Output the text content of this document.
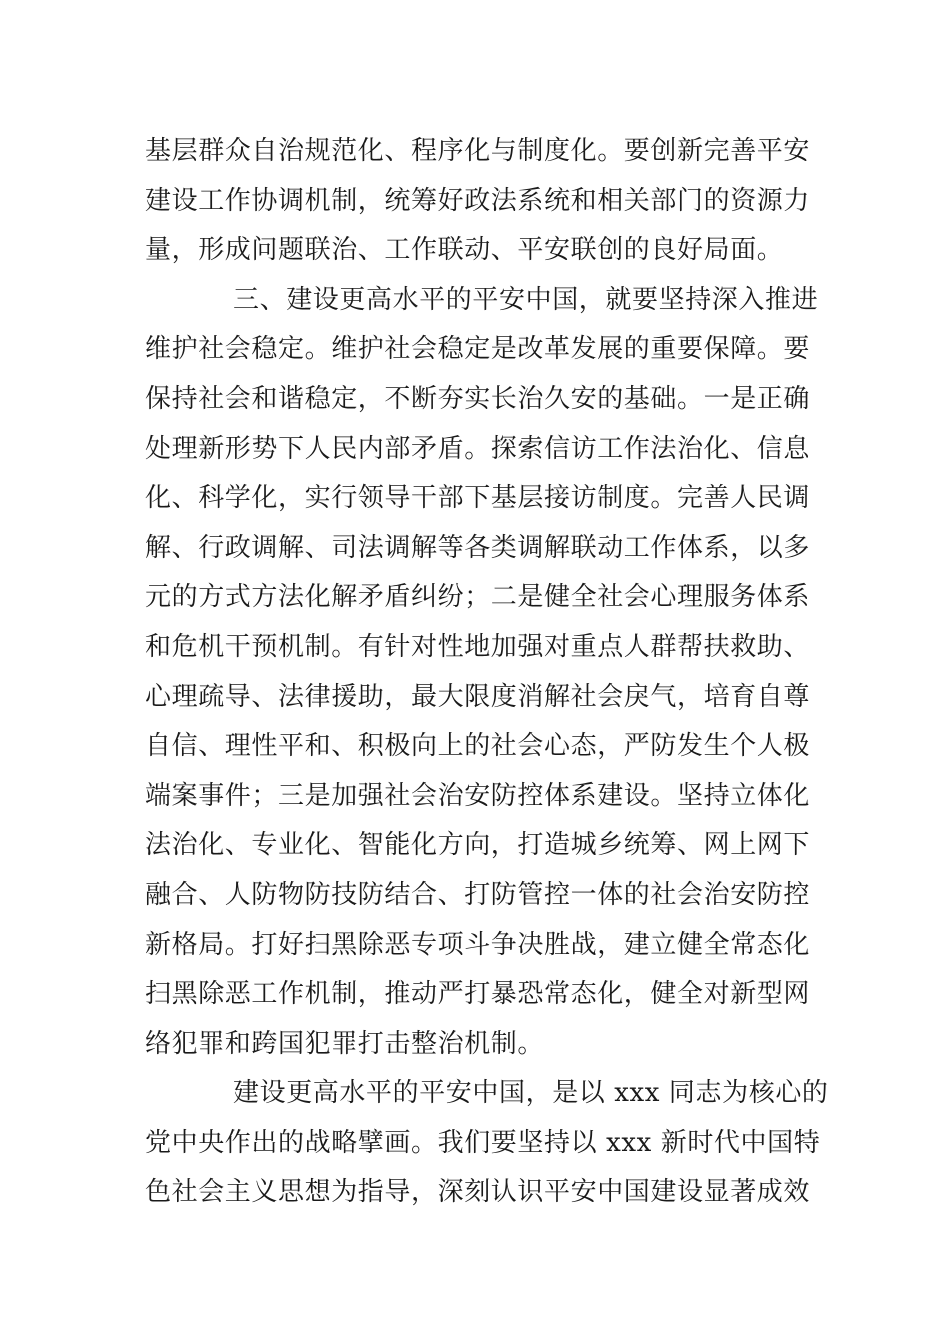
基层群众自治规范化、程序化与制度化。要创新完善平安
建设工作协调机制，统筹好政法系统和相关部门的资源力
量，形成问题联治、工作联动、平安联创的良好局面。

三、建设更高水平的平安中国，就要坚持深入推进
维护社会稳定。维护社会稳定是改革发展的重要保障。要
保持社会和谐稳定，不断夯实长治久安的基础。一是正确
处理新形势下人民内部矛盾。探索信访工作法治化、信息
化、科学化，实行领导干部下基层接访制度。完善人民调
解、行政调解、司法调解等各类调解联动工作体系，以多
元的方式方法化解矛盾纠纷；二是健全社会心理服务体系
和危机干预机制。有针对性地加强对重点人群帮扶救助、
心理疏导、法律援助，最大限度消解社会戾气，培育自尊
自信、理性平和、积极向上的社会心态，严防发生个人极
端案事件；三是加强社会治安防控体系建设。坚持立体化
法治化、专业化、智能化方向，打造城乡统筹、网上网下
融合、人防物防技防结合、打防管控一体的社会治安防控
新格局。打好扫黑除恶专项斗争决胜战，建立健全常态化
扫黑除恶工作机制，推动严打暴恐常态化，健全对新型网
络犯罪和跨国犯罪打击整治机制。

建设更高水平的平安中国，是以 xxx 同志为核心的
党中央作出的战略擘画。我们要坚持以 xxx 新时代中国特
色社会主义思想为指导，深刻认识平安中国建设显著成效
